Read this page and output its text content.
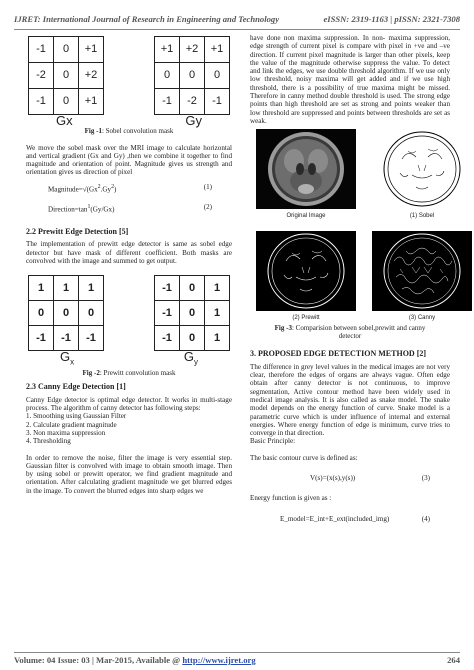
IJRET: International Journal of Research in Engineering and Technology	eISSN: 2319-1163 | pISSN: 2321-7308
-1	0	+1
-2	0	+2
-1	0	+1
+1	+2	+1
0	0	0
-1	-2	-1
Gx	Gy

Fig -1: Sobel convolution mask

We move the sobel mask over the MRI image to calculate horizontal and vertical gradient (Gx and Gy) ,then we combine it together to find magnitude and orientation of point. Magnitude gives us strength and orientation gives us direction of pixel

$Magnitude=√(Gx^2.Gy^2)$	(1)
$Direction=\tan^1(Gy/Gx)$	(2)
2.2 Prewitt Edge Detection [5]

The implementation of prewitt edge detector is same as sobel edge detector but have mask of different coefficient. Both masks are convolved with the image and summed to get output.

1	1	1
0	0	0
-1	-1	-1
-1	0	1
-1	0	1
-1	0	1
$G_x$	$G_y$

Fig -2: Prewitt convolution mask

2.3 Canny Edge Detection [1]

Canny Edge detector is optimal edge detector. It works in multi-stage process. The algorithm of canny detector has following steps:

1. Smoothing using Gaussian Filter

2. Calculate gradient magnitude

3. Non maxima suppression

4. Thresholding

In order to remove the noise, filter the image is very essential step. Gaussian filter is convolved with image to obtain smooth image. Then by using sobel or prewitt operator, we find gradient magnitude and orientation. After calculating gradient magnitude we get blurred edges in the image. To convert the blurred edges into sharp edges we

have done non maxima suppression. In non- maxima suppression, edge strength of current pixel is compare with pixel in +ve and –ve direction. If current pixel magnitude is larger than other pixels, keep the value of the magnitude otherwise suppress the value. To detect and link the edges, we use double threshold algorithm. If we use only low threshold, noisy maxima will get added and if we use high threshold, there is a possibility of true maxima might be missed. Therefore in canny method double threshold is used. The strong edge points than high threshold are set as strong and points weaker than low threshold are suppressed and points between thresholds are set as weak.

Original Image	(1) Sobel
(2) Prewitt	(3) Canny

Fig -3: Comparision between sobel,prewitt and canny detector

3. PROPOSED EDGE DETECTION METHOD [2]

The difference in grey level values in the medical images are not very clear, therefore the edges of organs are always vague. Often edge obtain after canny detector is not continuous, to improve segmentation, Active contour method have been widely used in medical image analysis. It is also called as snake model. The snake model depends on the energy function of curve. Snake model is a parametric curve which is under influence of internal and external energies. Where energy function of edge is minimum, curve tries to converge in that direction.

Basic Principle:

The basic contour curve is defined as:

V(s)=(x(s),y(s))	(3)

Energy function is given as :

E_model=E_int+E_ext(included_img)	(4)
Volume: 04 Issue: 03 | Mar-2015, Available @ http://www.ijret.org	264
